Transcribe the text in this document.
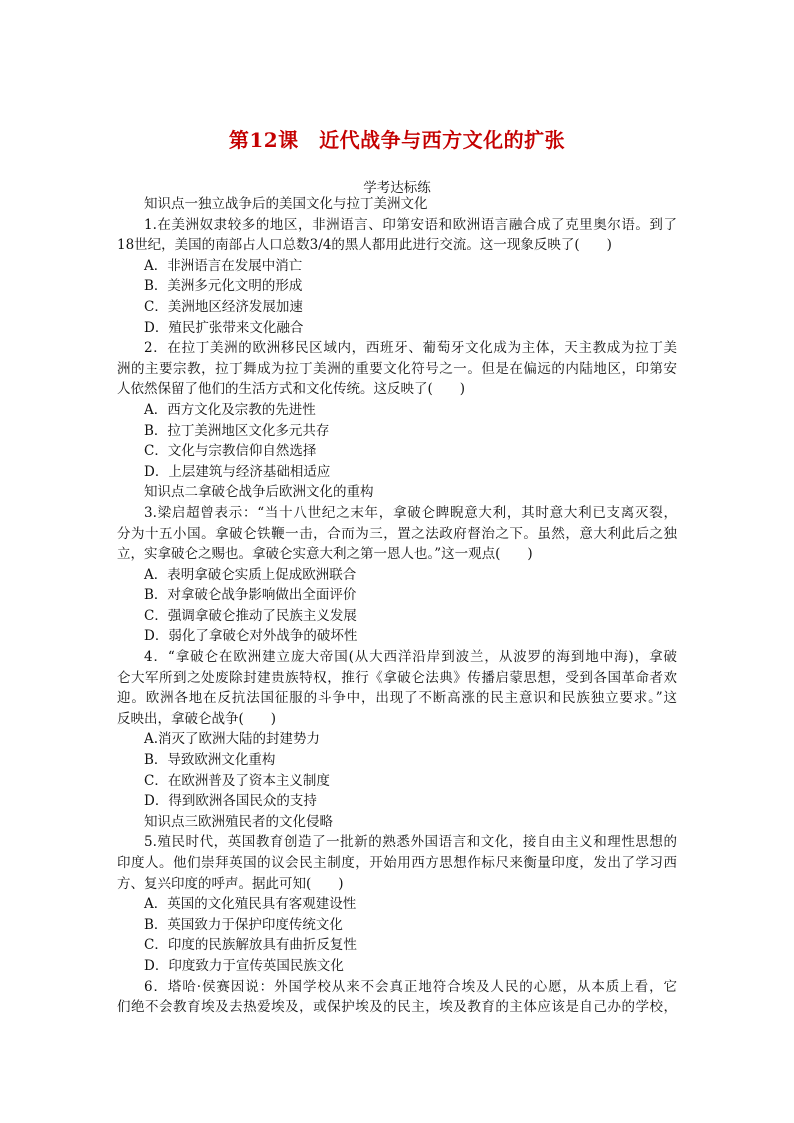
第12课　近代战争与西方文化的扩张
学考达标练
知识点一独立战争后的美国文化与拉丁美洲文化
1.在美洲奴隶较多的地区，非洲语言、印第安语和欧洲语言融合成了克里奥尔语。到了
18世纪，美国的南部占人口总数3/4的黑人都用此进行交流。这一现象反映了(　　)
A．非洲语言在发展中消亡
B．美洲多元化文明的形成
C．美洲地区经济发展加速
D．殖民扩张带来文化融合
2．在拉丁美洲的欧洲移民区域内，西班牙、葡萄牙文化成为主体，天主教成为拉丁美
洲的主要宗教，拉丁舞成为拉丁美洲的重要文化符号之一。但是在偏远的内陆地区，印第安
人依然保留了他们的生活方式和文化传统。这反映了(　　)
A．西方文化及宗教的先进性
B．拉丁美洲地区文化多元共存
C．文化与宗教信仰自然选择
D．上层建筑与经济基础相适应
知识点二拿破仑战争后欧洲文化的重构
3.梁启超曾表示：“当十八世纪之末年，拿破仑睥睨意大利，其时意大利已支离灭裂，
分为十五小国。拿破仑铁鞭一击，合而为三，置之法政府督治之下。虽然，意大利此后之独
立，实拿破仑之赐也。拿破仑实意大利之第一恩人也。”这一观点(　　)
A．表明拿破仑实质上促成欧洲联合
B．对拿破仑战争影响做出全面评价
C．强调拿破仑推动了民族主义发展
D．弱化了拿破仑对外战争的破坏性
4．“拿破仑在欧洲建立庞大帝国(从大西洋沿岸到波兰，从波罗的海到地中海)，拿破
仑大军所到之处废除封建贵族特权，推行《拿破仑法典》传播启蒙思想，受到各国革命者欢
迎。欧洲各地在反抗法国征服的斗争中，出现了不断高涨的民主意识和民族独立要求。”这
反映出，拿破仑战争(　　)
A.消灭了欧洲大陆的封建势力
B．导致欧洲文化重构
C．在欧洲普及了资本主义制度
D．得到欧洲各国民众的支持
知识点三欧洲殖民者的文化侵略
5.殖民时代，英国教育创造了一批新的熟悉外国语言和文化，接自由主义和理性思想的
印度人。他们崇拜英国的议会民主制度，开始用西方思想作标尺来衡量印度，发出了学习西
方、复兴印度的呼声。据此可知(　　)
A．英国的文化殖民具有客观建设性
B．英国致力于保护印度传统文化
C．印度的民族解放具有曲折反复性
D．印度致力于宣传英国民族文化
6．塔哈·侯赛因说：外国学校从来不会真正地符合埃及人民的心愿，从本质上看，它
们绝不会教育埃及去热爱埃及，或保护埃及的民主，埃及教育的主体应该是自己办的学校，
